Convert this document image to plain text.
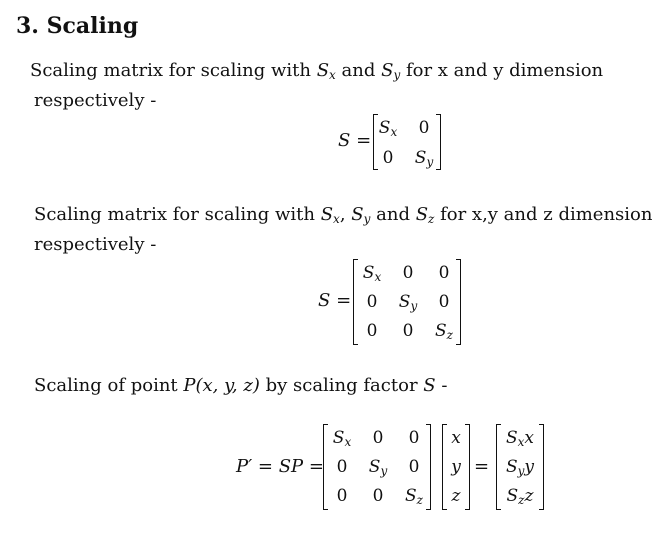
3. Scaling
Scaling matrix for scaling with $S_x$ and $S_y$ for x and y dimension
respectively -
S =
$S_x$ 0
0 $S_y$
Scaling matrix for scaling with $S_x$, $S_y$ and $S_z$ for x,y and z dimension
respectively -
S =
$S_x$ 0 0
0 $S_y$ 0
0 0 $S_z$
Scaling of point P(x, y, z) by scaling factor S -
P′ = SP =
$S_x$ 0 0
0 $S_y$ 0
0 0 $S_z$
x
y
z
=
$S_xx$
$S_yy$
$S_zz$
